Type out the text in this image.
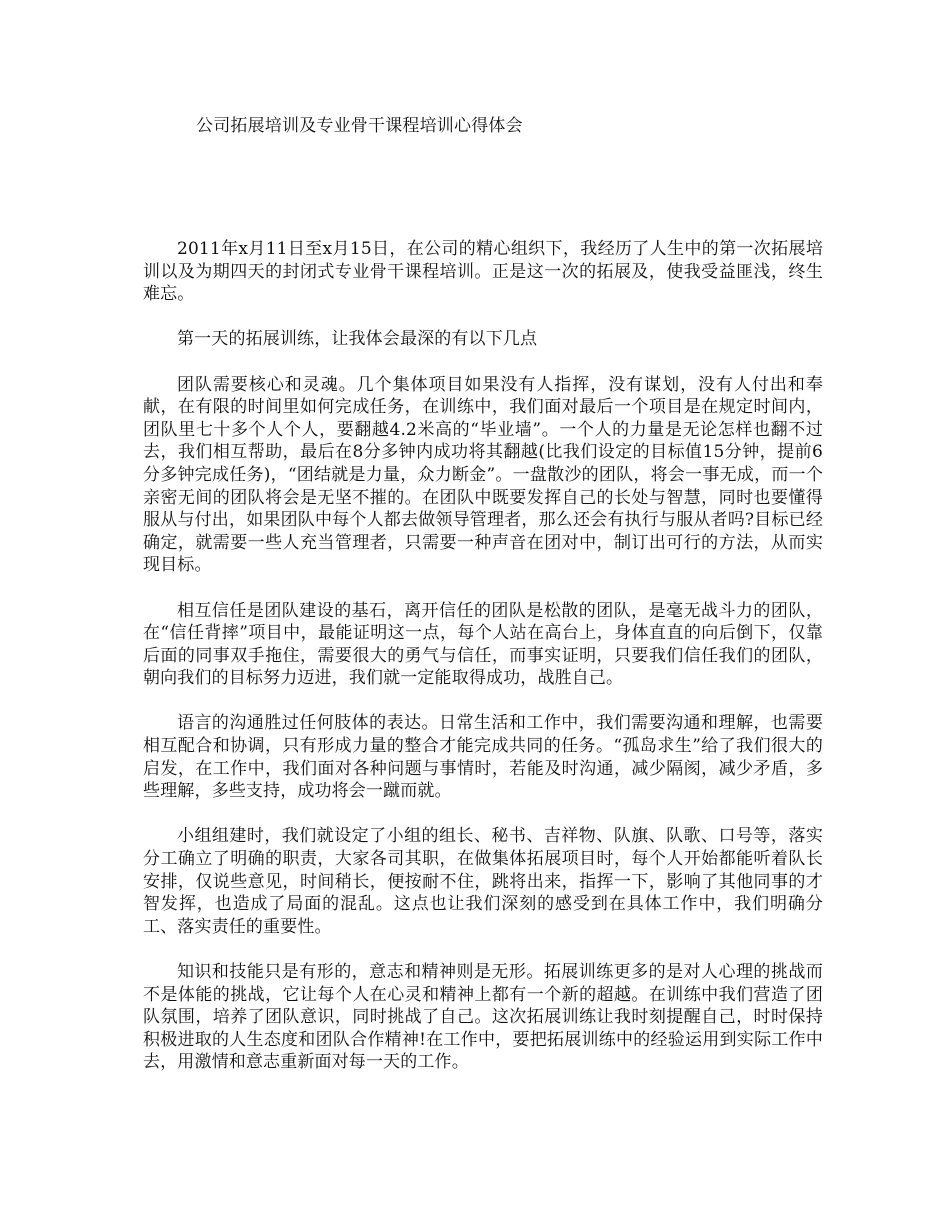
公司拓展培训及专业骨干课程培训心得体会

2011年x月11日至x月15日，在公司的精心组织下，我经历了人生中的第一次拓展培训以及为期四天的封闭式专业骨干课程培训。正是这一次的拓展及，使我受益匪浅，终生难忘。

第一天的拓展训练，让我体会最深的有以下几点

团队需要核心和灵魂。几个集体项目如果没有人指挥，没有谋划，没有人付出和奉献，在有限的时间里如何完成任务，在训练中，我们面对最后一个项目是在规定时间内，团队里七十多个人个人，要翻越4.2米高的“毕业墙”。一个人的力量是无论怎样也翻不过去，我们相互帮助，最后在8分多钟内成功将其翻越(比我们设定的目标值15分钟，提前6分多钟完成任务)，“团结就是力量，众力断金”。一盘散沙的团队，将会一事无成，而一个亲密无间的团队将会是无坚不摧的。在团队中既要发挥自己的长处与智慧，同时也要懂得服从与付出，如果团队中每个人都去做领导管理者，那么还会有执行与服从者吗?目标已经确定，就需要一些人充当管理者，只需要一种声音在团对中，制订出可行的方法，从而实现目标。

相互信任是团队建设的基石，离开信任的团队是松散的团队，是毫无战斗力的团队，在“信任背摔”项目中，最能证明这一点，每个人站在高台上，身体直直的向后倒下，仅靠后面的同事双手拖住，需要很大的勇气与信任，而事实证明，只要我们信任我们的团队，朝向我们的目标努力迈进，我们就一定能取得成功，战胜自己。

语言的沟通胜过任何肢体的表达。日常生活和工作中，我们需要沟通和理解，也需要相互配合和协调，只有形成力量的整合才能完成共同的任务。“孤岛求生”给了我们很大的启发，在工作中，我们面对各种问题与事情时，若能及时沟通，减少隔阂，减少矛盾，多些理解，多些支持，成功将会一蹴而就。

小组组建时，我们就设定了小组的组长、秘书、吉祥物、队旗、队歌、口号等，落实分工确立了明确的职责，大家各司其职，在做集体拓展项目时，每个人开始都能听着队长安排，仅说些意见，时间稍长，便按耐不住，跳将出来，指挥一下，影响了其他同事的才智发挥，也造成了局面的混乱。这点也让我们深刻的感受到在具体工作中，我们明确分工、落实责任的重要性。

知识和技能只是有形的，意志和精神则是无形。拓展训练更多的是对人心理的挑战而不是体能的挑战，它让每个人在心灵和精神上都有一个新的超越。在训练中我们营造了团队氛围，培养了团队意识，同时挑战了自己。这次拓展训练让我时刻提醒自己，时时保持积极进取的人生态度和团队合作精神!在工作中，要把拓展训练中的经验运用到实际工作中去，用激情和意志重新面对每一天的工作。
